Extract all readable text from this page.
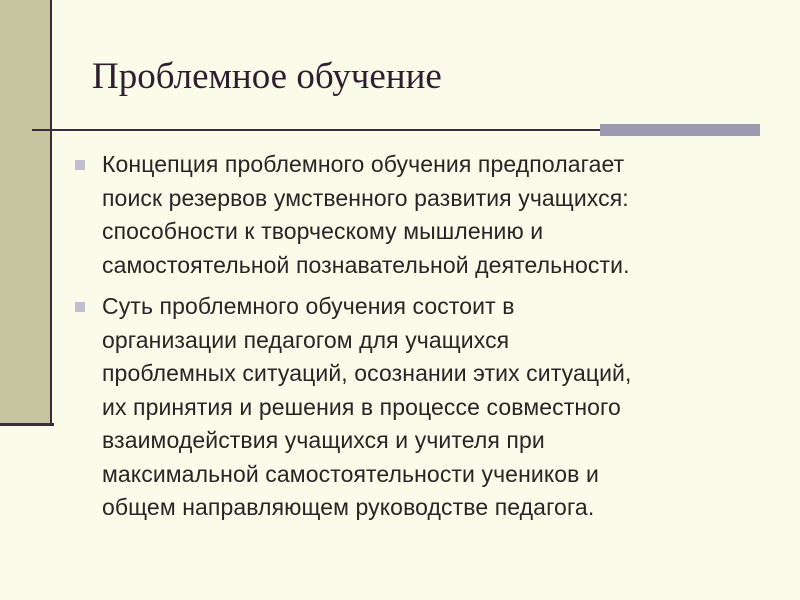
Проблемное обучение
Концепция проблемного обучения предполагает
поиск резервов умственного развития учащихся:
способности к творческому мышлению и
самостоятельной познавательной деятельности.
Суть проблемного обучения состоит в
организации педагогом для учащихся
проблемных ситуаций, осознании этих ситуаций,
их принятия и решения в процессе совместного
взаимодействия учащихся и учителя при
максимальной самостоятельности учеников и
общем направляющем руководстве педагога.
